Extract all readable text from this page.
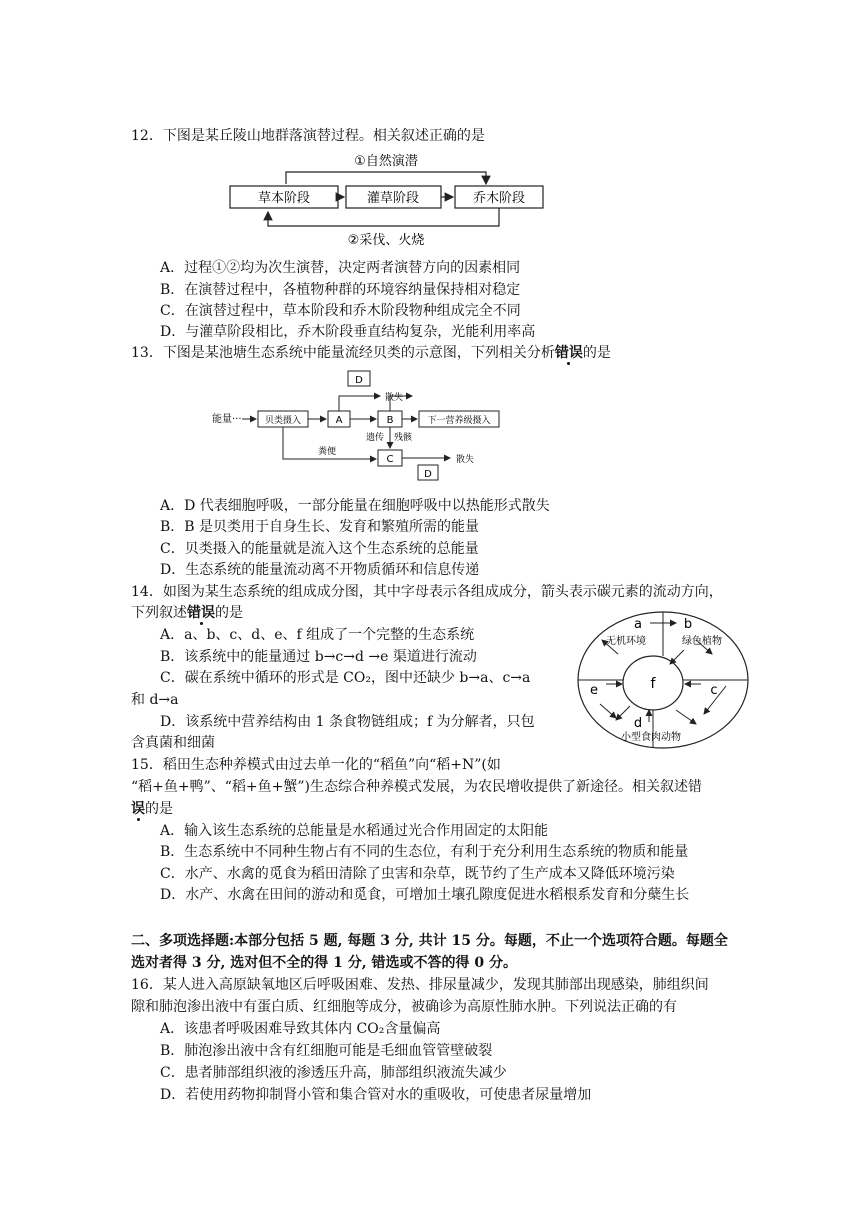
12．下图是某丘陵山地群落演替过程。相关叙述正确的是
①自然演潜
草本阶段	灌草阶段	乔木阶段
②采伐、火烧
A．过程①②均为次生演替，决定两者演替方向的因素相同
B．在演替过程中，各植物种群的环境容纳量保持相对稳定
C．在演替过程中，草本阶段和乔木阶段物种组成完全不同
D．与灌草阶段相比，乔木阶段垂直结构复杂，光能利用率高
13．下图是某池塘生态系统中能量流经贝类的示意图，下列相关分析错误的是
D
散失
能量···	贝类摄入	A	B	下一营养级摄入
遗传 残骸
粪便
C	散失
D
A．D 代表细胞呼吸，一部分能量在细胞呼吸中以热能形式散失
B．B 是贝类用于自身生长、发育和繁殖所需的能量
C．贝类摄入的能量就是流入这个生态系统的总能量
D．生态系统的能量流动离不开物质循环和信息传递
14．如图为某生态系统的组成成分图，其中字母表示各组成成分，箭头表示碳元素的流动方向，
下列叙述错误的是
A．a、b、c、d、e、f 组成了一个完整的生态系统
B．该系统中的能量通过 b→c→d →e 渠道进行流动
C．碳在系统中循环的形式是 CO₂，图中还缺少 b→a、c→a
和 d→a
D．该系统中营养结构由 1 条食物链组成；f 为分解者，只包
含真菌和细菌
a	b
无机环境	绿色植物
e	c
f
d
小型食肉动物
15．稻田生态种养模式由过去单一化的“稻鱼”向“稻+N”(如
“稻+鱼+鸭”、“稻+鱼+蟹”)生态综合种养模式发展，为农民增收提供了新途径。相关叙述错
误的是
A．输入该生态系统的总能量是水稻通过光合作用固定的太阳能
B．生态系统中不同种生物占有不同的生态位，有利于充分利用生态系统的物质和能量
C．水产、水禽的觅食为稻田清除了虫害和杂草，既节约了生产成本又降低环境污染
D．水产、水禽在田间的游动和觅食，可增加土壤孔隙度促进水稻根系发育和分蘖生长
二、多项选择题:本部分包括 5 题, 每题 3 分, 共计 15 分。每题，不止一个选项符合题。每题全
选对者得 3 分, 选对但不全的得 1 分, 错选或不答的得 0 分。
16．某人进入高原缺氧地区后呼吸困难、发热、排尿量减少，发现其肺部出现感染，肺组织间
隙和肺泡渗出液中有蛋白质、红细胞等成分，被确诊为高原性肺水肿。下列说法正确的有
A．该患者呼吸困难导致其体内 CO₂含量偏高
B．肺泡渗出液中含有红细胞可能是毛细血管管壁破裂
C．患者肺部组织液的渗透压升高，肺部组织液流失减少
D．若使用药物抑制肾小管和集合管对水的重吸收，可使患者尿量增加
